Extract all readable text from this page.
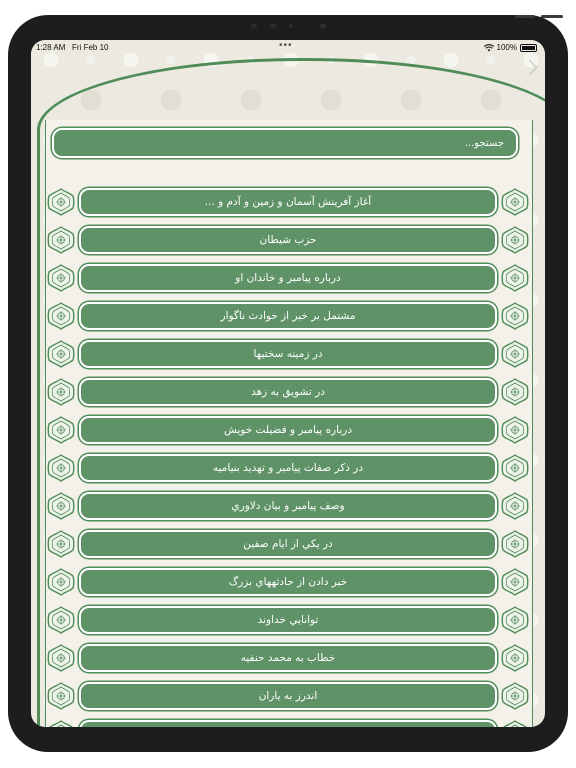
1:28 AM Fri Feb 10	•••	100%
جستجو...
آغاز آفرينش آسمان و زمين و آدم و ...
حزب شيطان
درباره پيامبر و خاندان او
مشتمل بر خبر از حوادث ناگوار
در زمينه سختيها
در تشويق به زهد
درباره پيامبر و فضيلت خويش
در ذكر صفات پيامبر و تهديد بنياميه
وصف پيامبر و بيان دلاوري
در يكي از ايام صفين
خبر دادن از حادثههاي بزرگ
توانايي خداوند
خطاب به محمد حنفيه
اندرز به ياران
